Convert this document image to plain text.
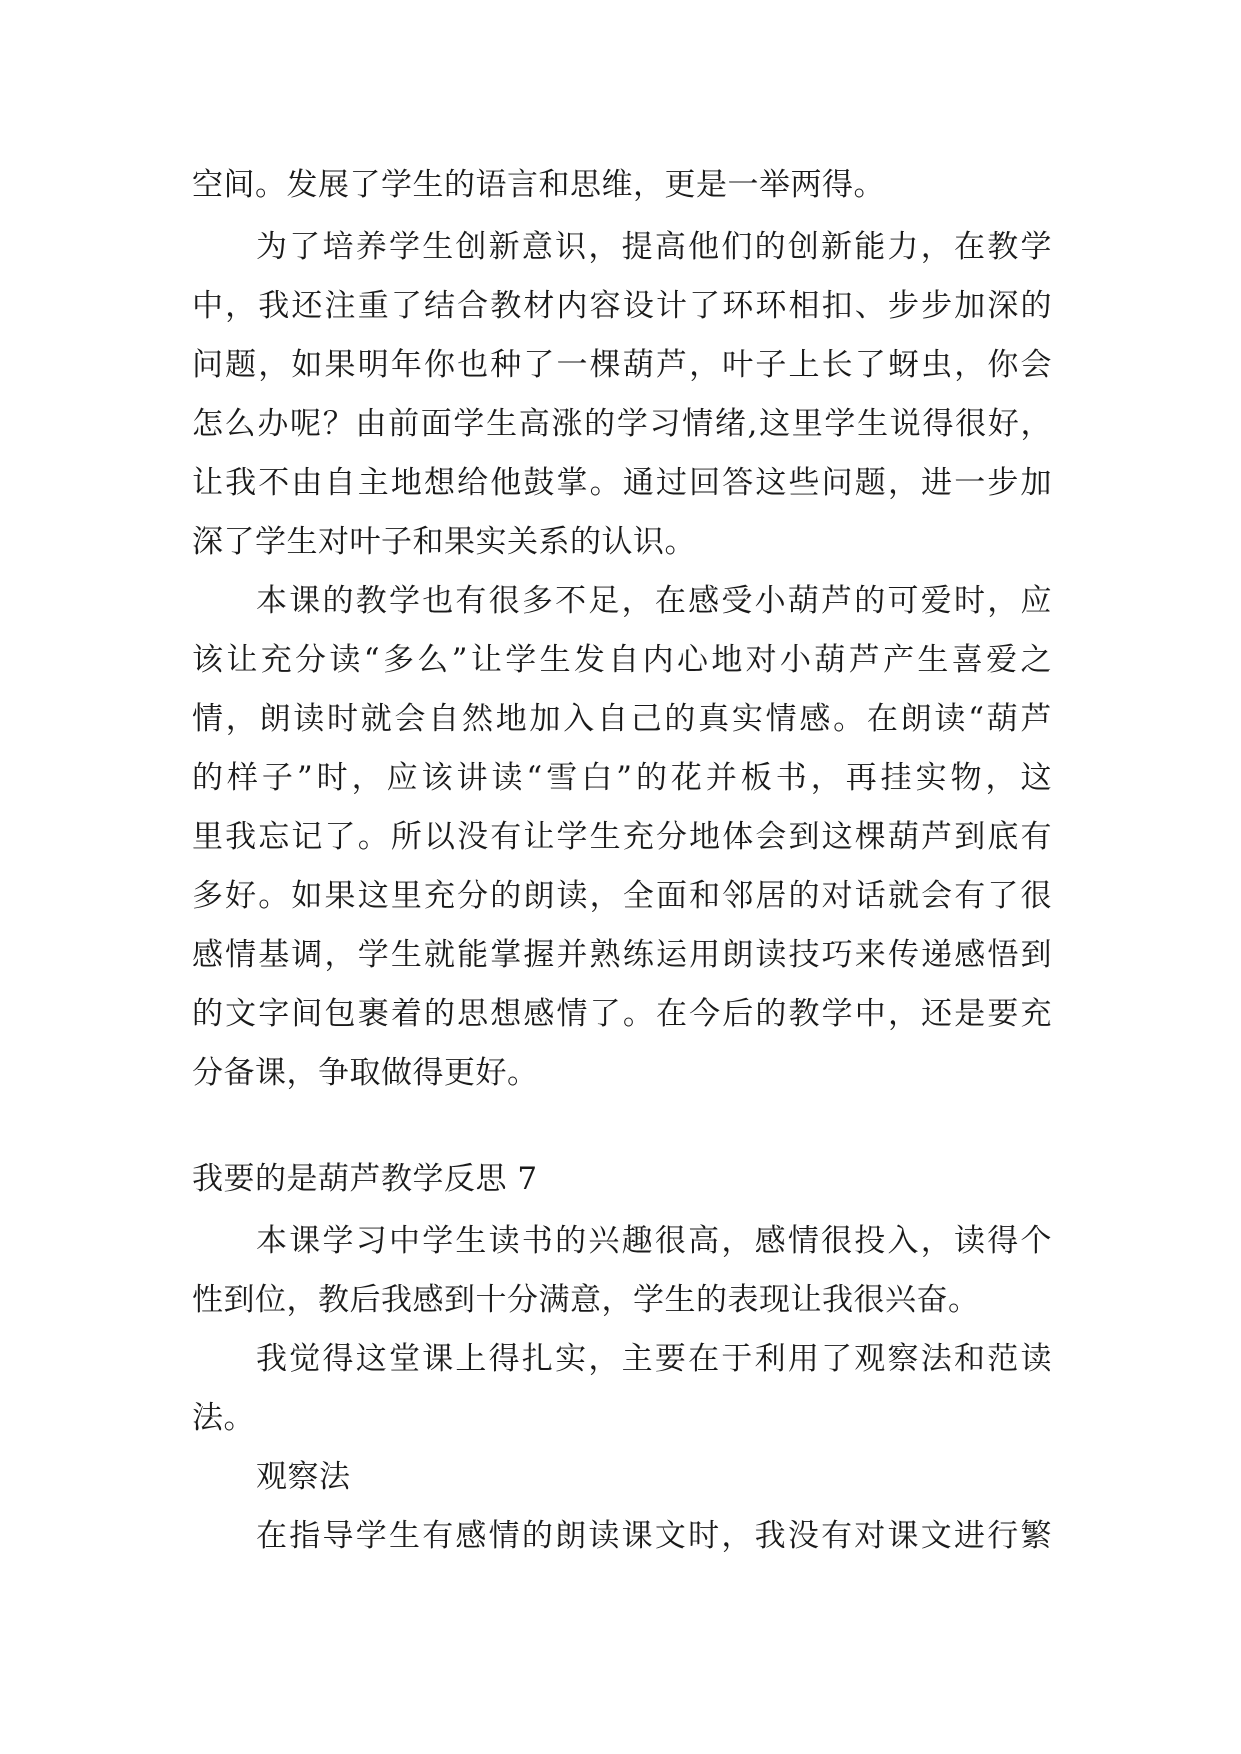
空间。发展了学生的语言和思维，更是一举两得。
为了培养学生创新意识，提高他们的创新能力，在教学
中，我还注重了结合教材内容设计了环环相扣、步步加深的
问题，如果明年你也种了一棵葫芦，叶子上长了蚜虫，你会
怎么办呢？由前面学生高涨的学习情绪,这里学生说得很好，
让我不由自主地想给他鼓掌。通过回答这些问题，进一步加
深了学生对叶子和果实关系的认识。
本课的教学也有很多不足，在感受小葫芦的可爱时，应
该让充分读“多么”让学生发自内心地对小葫芦产生喜爱之
情，朗读时就会自然地加入自己的真实情感。在朗读“葫芦
的样子”时，应该讲读“雪白”的花并板书，再挂实物，这
里我忘记了。所以没有让学生充分地体会到这棵葫芦到底有
多好。如果这里充分的朗读，全面和邻居的对话就会有了很
感情基调，学生就能掌握并熟练运用朗读技巧来传递感悟到
的文字间包裹着的思想感情了。在今后的教学中，还是要充
分备课，争取做得更好。
我要的是葫芦教学反思 7
本课学习中学生读书的兴趣很高，感情很投入，读得个
性到位，教后我感到十分满意，学生的表现让我很兴奋。
我觉得这堂课上得扎实，主要在于利用了观察法和范读
法。
观察法
在指导学生有感情的朗读课文时，我没有对课文进行繁
